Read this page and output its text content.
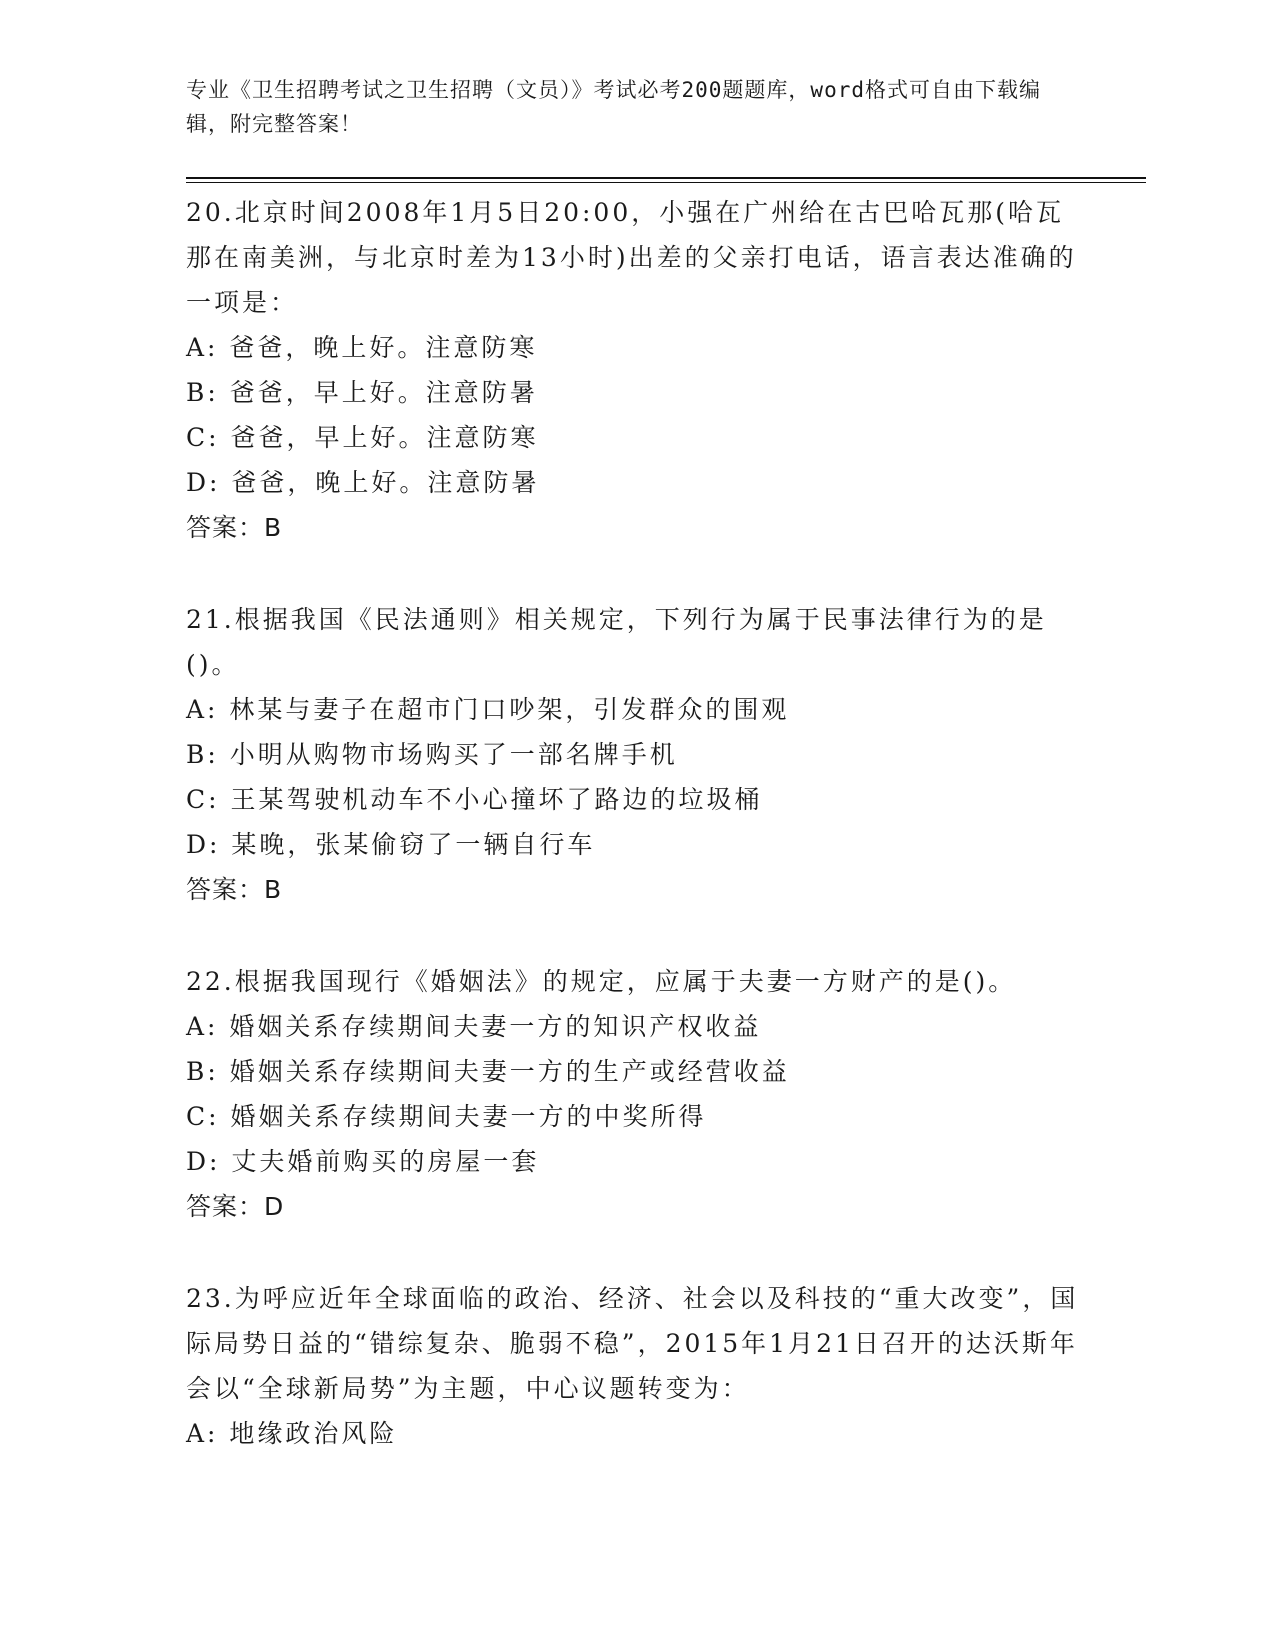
专业《卫生招聘考试之卫生招聘（文员）》考试必考200题题库，word格式可自由下载编辑，附完整答案！
20.北京时间2008年1月5日20:00，小强在广州给在古巴哈瓦那(哈瓦那在南美洲，与北京时差为13小时)出差的父亲打电话，语言表达准确的一项是：
A: 爸爸，晚上好。注意防寒
B: 爸爸，早上好。注意防暑
C: 爸爸，早上好。注意防寒
D: 爸爸，晚上好。注意防暑
答案：B
21.根据我国《民法通则》相关规定，下列行为属于民事法律行为的是()。
A: 林某与妻子在超市门口吵架，引发群众的围观
B: 小明从购物市场购买了一部名牌手机
C: 王某驾驶机动车不小心撞坏了路边的垃圾桶
D: 某晚，张某偷窃了一辆自行车
答案：B
22.根据我国现行《婚姻法》的规定，应属于夫妻一方财产的是()。
A: 婚姻关系存续期间夫妻一方的知识产权收益
B: 婚姻关系存续期间夫妻一方的生产或经营收益
C: 婚姻关系存续期间夫妻一方的中奖所得
D: 丈夫婚前购买的房屋一套
答案：D
23.为呼应近年全球面临的政治、经济、社会以及科技的“重大改变”，国际局势日益的“错综复杂、脆弱不稳”，2015年1月21日召开的达沃斯年会以“全球新局势”为主题，中心议题转变为：
A: 地缘政治风险
